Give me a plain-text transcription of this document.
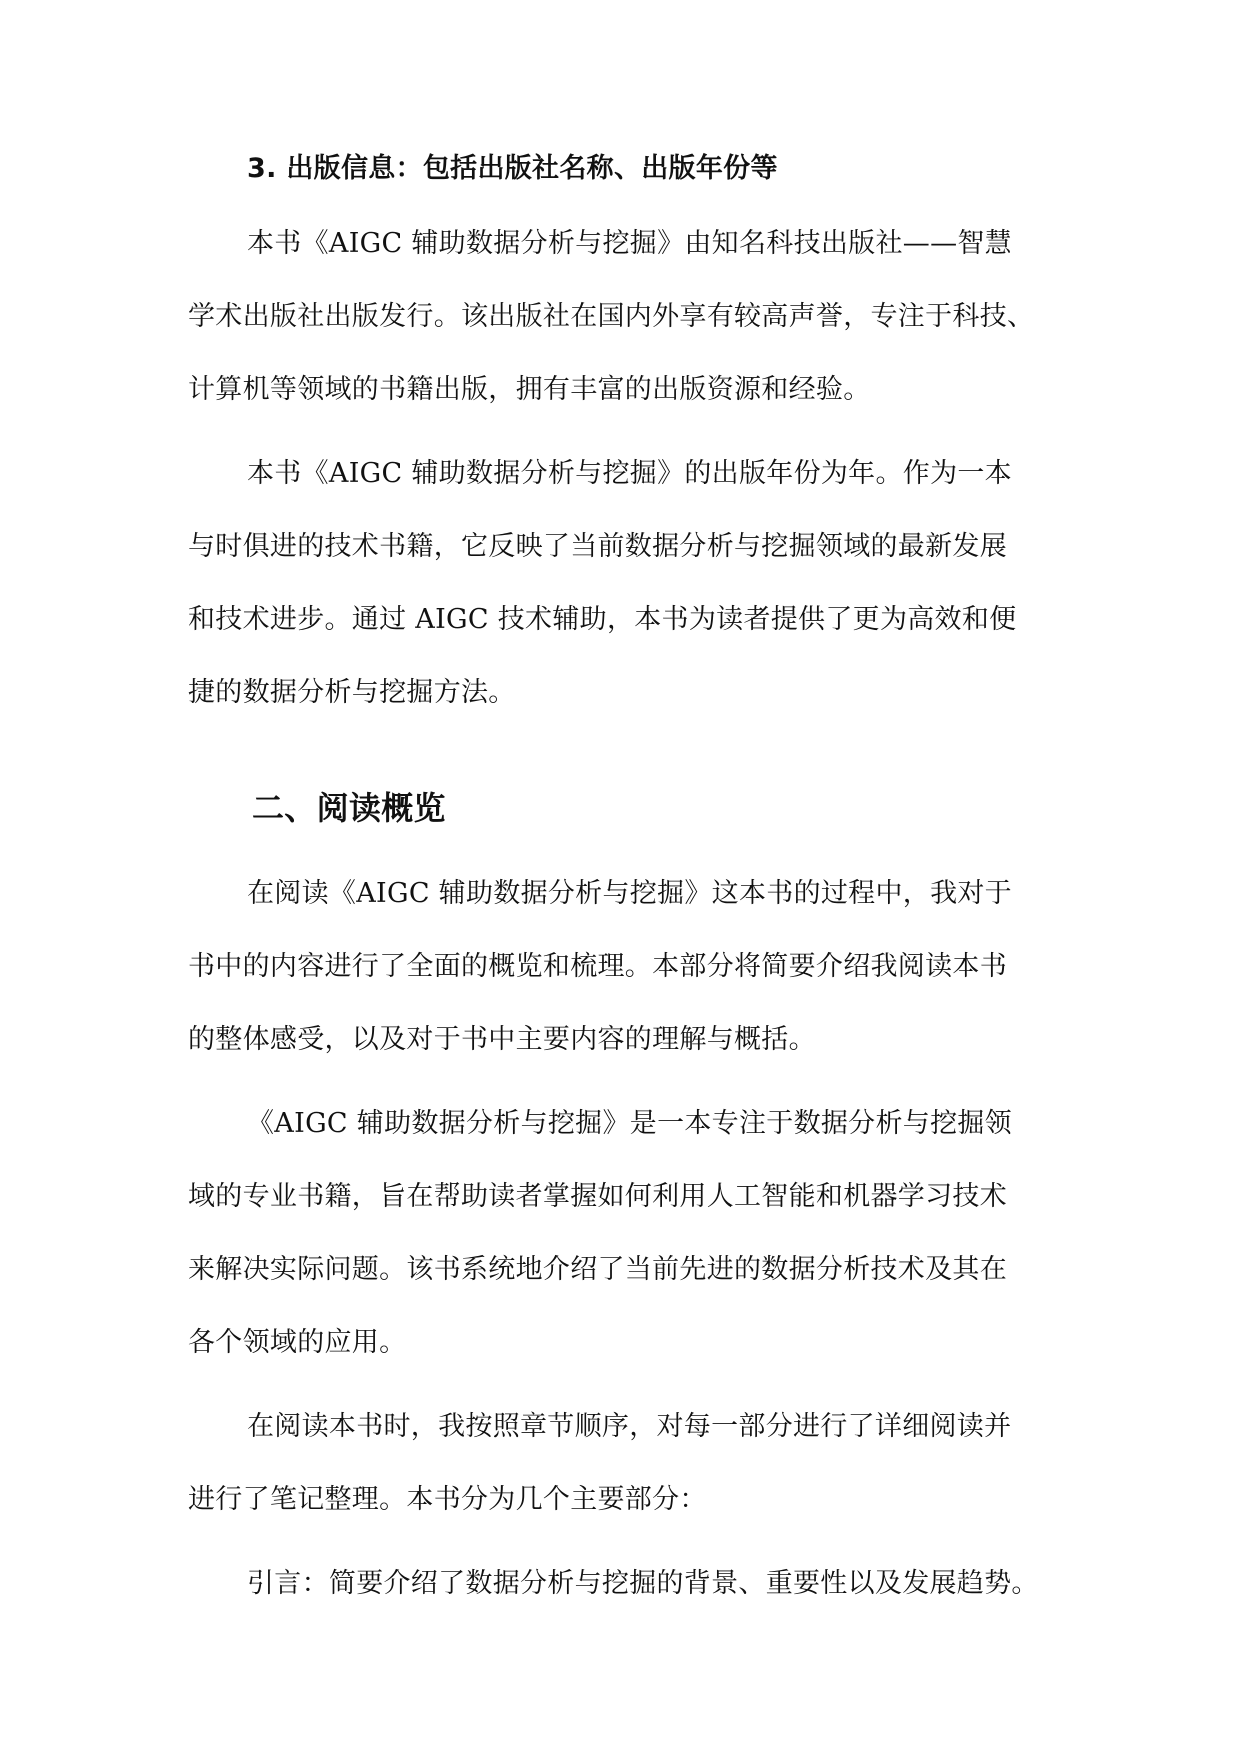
3. 出版信息：包括出版社名称、出版年份等
本书《AIGC 辅助数据分析与挖掘》由知名科技出版社——智慧
学术出版社出版发行。该出版社在国内外享有较高声誉，专注于科技、
计算机等领域的书籍出版，拥有丰富的出版资源和经验。
本书《AIGC 辅助数据分析与挖掘》的出版年份为年。作为一本
与时俱进的技术书籍，它反映了当前数据分析与挖掘领域的最新发展
和技术进步。通过 AIGC 技术辅助，本书为读者提供了更为高效和便
捷的数据分析与挖掘方法。
二、阅读概览
在阅读《AIGC 辅助数据分析与挖掘》这本书的过程中，我对于
书中的内容进行了全面的概览和梳理。本部分将简要介绍我阅读本书
的整体感受，以及对于书中主要内容的理解与概括。
《AIGC 辅助数据分析与挖掘》是一本专注于数据分析与挖掘领
域的专业书籍，旨在帮助读者掌握如何利用人工智能和机器学习技术
来解决实际问题。该书系统地介绍了当前先进的数据分析技术及其在
各个领域的应用。
在阅读本书时，我按照章节顺序，对每一部分进行了详细阅读并
进行了笔记整理。本书分为几个主要部分：
引言：简要介绍了数据分析与挖掘的背景、重要性以及发展趋势。
